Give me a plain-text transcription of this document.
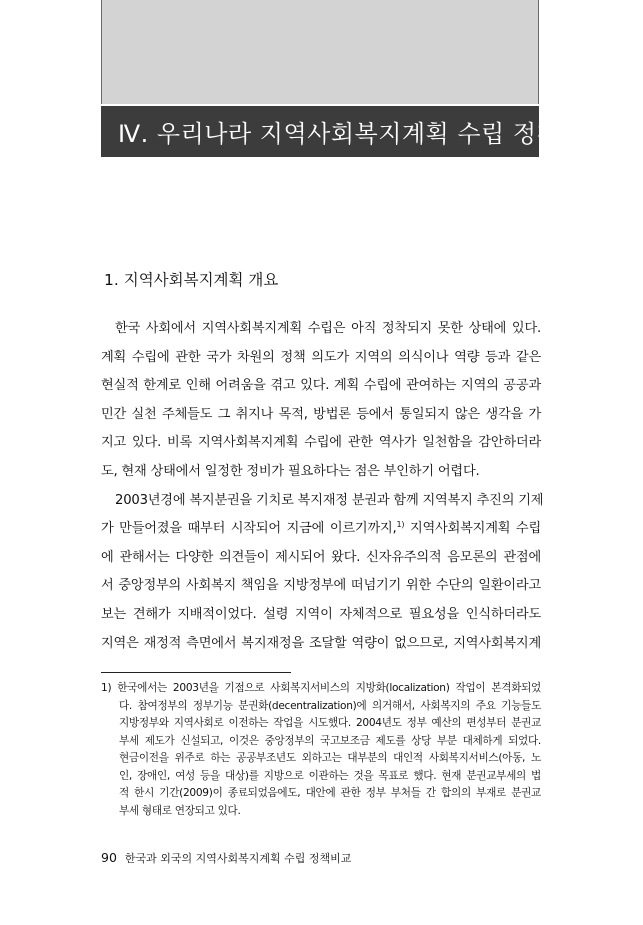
Ⅳ. 우리나라 지역사회복지계획 수립 정책
1. 지역사회복지계획 개요
한국 사회에서 지역사회복지계획 수립은 아직 정착되지 못한 상태에 있다.
계획 수립에 관한 국가 차원의 정책 의도가 지역의 의식이나 역량 등과 같은
현실적 한계로 인해 어려움을 겪고 있다. 계획 수립에 관여하는 지역의 공공과
민간 실천 주체들도 그 취지나 목적, 방법론 등에서 통일되지 않은 생각을 가
지고 있다. 비록 지역사회복지계획 수립에 관한 역사가 일천함을 감안하더라
도, 현재 상태에서 일정한 정비가 필요하다는 점은 부인하기 어렵다.
2003년경에 복지분권을 기치로 복지재정 분권과 함께 지역복지 추진의 기제
가 만들어졌을 때부터 시작되어 지금에 이르기까지,$^{1)}$ 지역사회복지계획 수립
에 관해서는 다양한 의견들이 제시되어 왔다. 신자유주의적 음모론의 관점에
서 중앙정부의 사회복지 책임을 지방정부에 떠넘기기 위한 수단의 일환이라고
보는 견해가 지배적이었다. 설령 지역이 자체적으로 필요성을 인식하더라도
지역은 재정적 측면에서 복지재정을 조달할 역량이 없으므로, 지역사회복지계
1) 한국에서는 2003년을 기점으로 사회복지서비스의 지방화(localization) 작업이 본격화되었
다. 참여정부의 정부기능 분권화(decentralization)에 의거해서, 사회복지의 주요 기능들도
지방정부와 지역사회로 이전하는 작업을 시도했다. 2004년도 정부 예산의 편성부터 분권교
부세 제도가 신설되고, 이것은 중앙정부의 국고보조금 제도를 상당 부분 대체하게 되었다.
현금이전을 위주로 하는 공공부조년도 외하고는 대부분의 대인적 사회복지서비스(아동, 노
인, 장애인, 여성 등을 대상)를 지방으로 이관하는 것을 목표로 했다. 현재 분권교부세의 법
적 한시 기간(2009)이 종료되었음에도, 대안에 관한 정부 부처들 간 합의의 부재로 분권교
부세 형태로 연장되고 있다.
90 한국과 외국의 지역사회복지계획 수립 정책비교
